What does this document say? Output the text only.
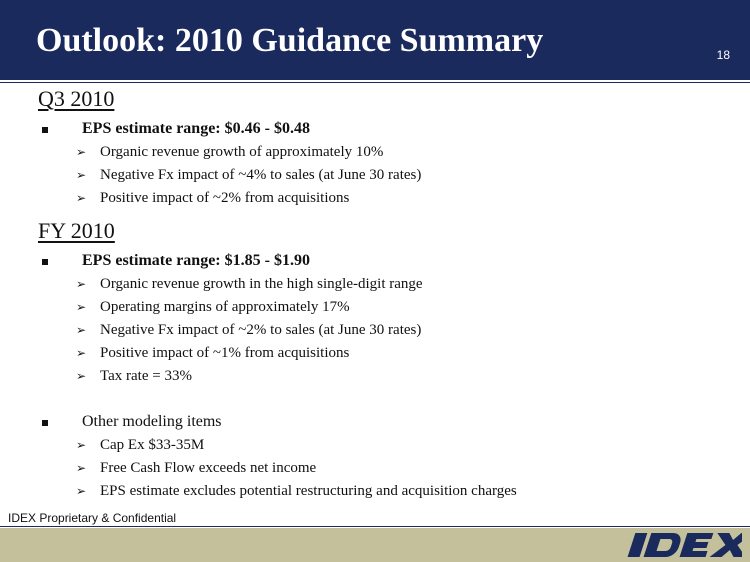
Outlook: 2010 Guidance Summary	18
Q3 2010
EPS estimate range: $0.46 - $0.48
➢ Organic revenue growth of approximately 10%
➢ Negative Fx impact of ~4% to sales (at June 30 rates)
➢ Positive impact of ~2% from acquisitions
FY 2010
EPS estimate range: $1.85 - $1.90
➢ Organic revenue growth in the high single-digit range
➢ Operating margins of approximately 17%
➢ Negative Fx impact of ~2% to sales (at June 30 rates)
➢ Positive impact of ~1% from acquisitions
➢ Tax rate = 33%
Other modeling items
➢ Cap Ex $33-35M
➢ Free Cash Flow exceeds net income
➢ EPS estimate excludes potential restructuring and acquisition charges
IDEX Proprietary & Confidential
